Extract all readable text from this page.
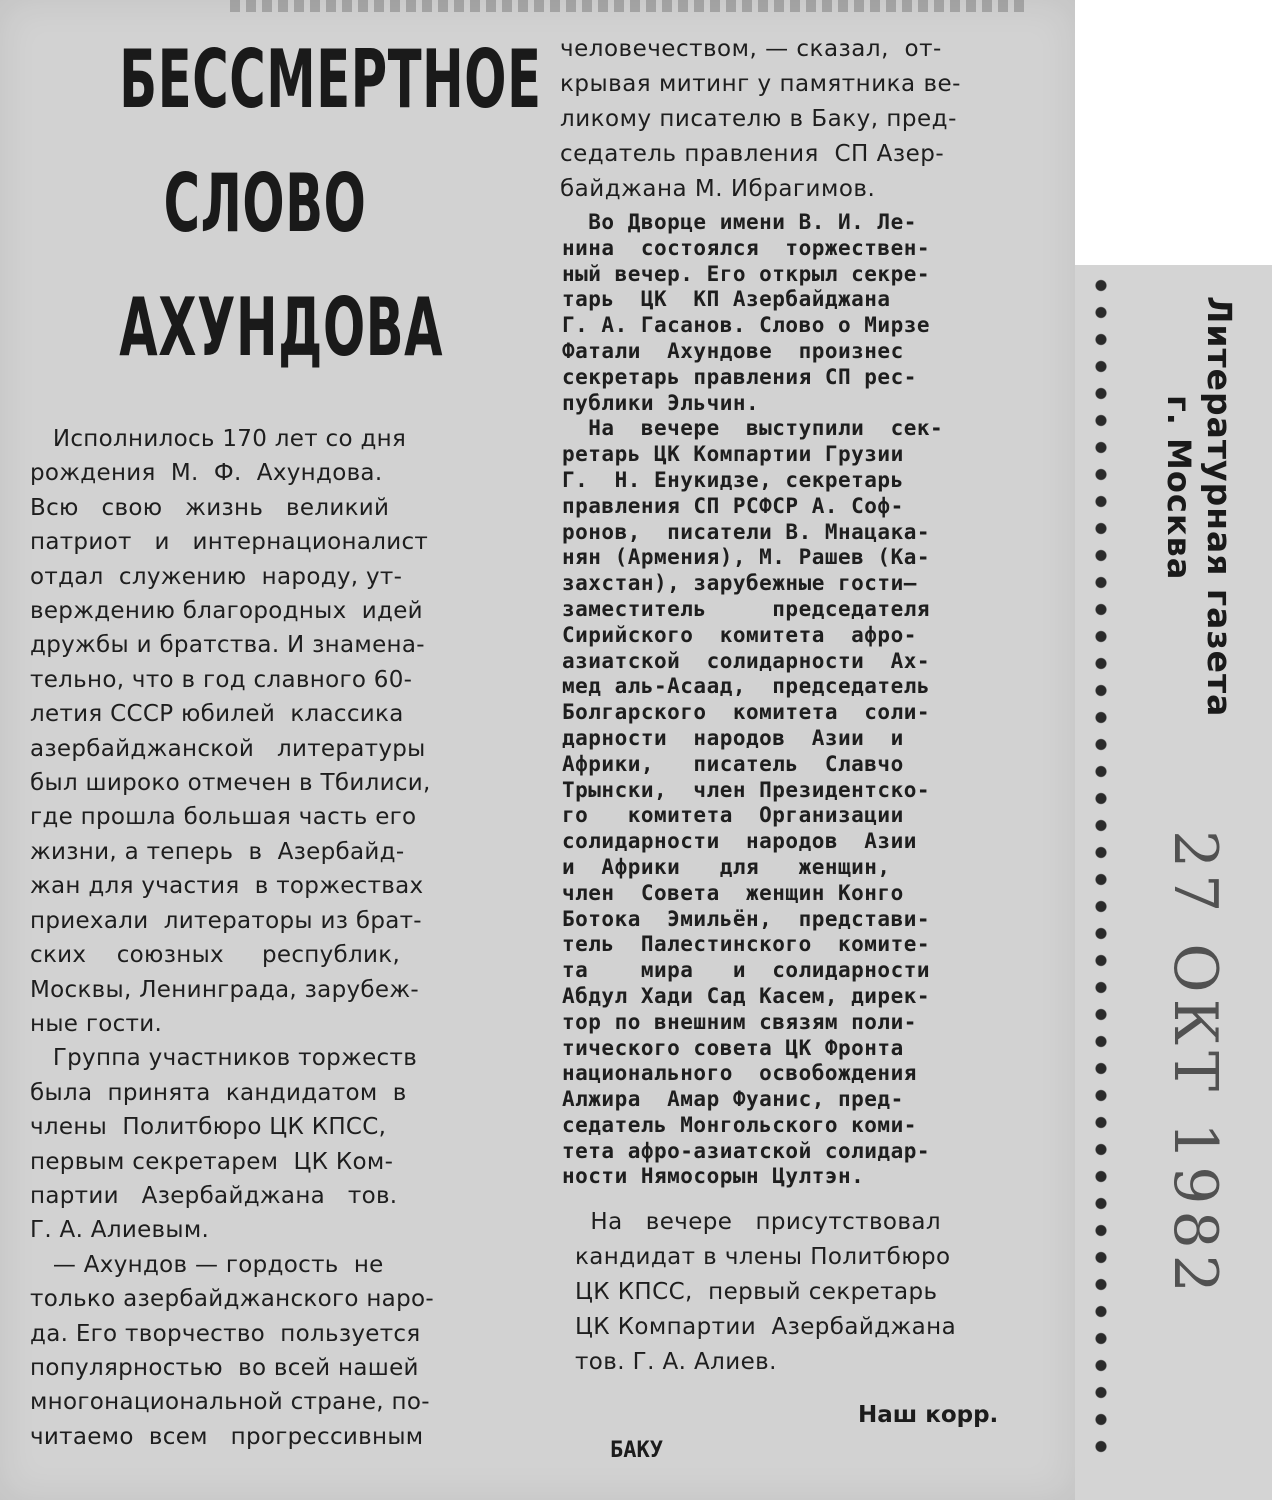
БЕССМЕРТНОЕ
СЛОВО
АХУНДОВА
Исполнилось 170 лет со дня
рождения  М.  Ф.  Ахундова.
Всю   свою   жизнь   великий
патриот   и   интернационалист
отдал  служению  народу, ут-
верждению благородных  идей
дружбы и братства. И знамена-
тельно, что в год славного 60-
летия СССР юбилей  классика
азербайджанской   литературы
был широко отмечен в Тбилиси,
где прошла большая часть его
жизни, а теперь  в  Азербайд-
жан для участия  в торжествах
приехали  литераторы из брат-
ских    союзных     республик,
Москвы, Ленинграда, зарубеж-
ные гости.
Группа участников торжеств
была  принята  кандидатом  в
члены  Политбюро ЦК КПСС,
первым секретарем  ЦК Ком-
партии   Азербайджана   тов.
Г. А. Алиевым.
— Ахундов — гордость  не
только азербайджанского наро-
да. Его творчество  пользуется
популярностью  во всей нашей
многонациональной стране, по-
читаемо  всем   прогрессивным
человечеством, — сказал,  от-
крывая митинг у памятника ве-
ликому писателю в Баку, пред-
седатель правления  СП Азер-
байджана М. Ибрагимов.
Во Дворце имени В. И. Ле-
нина  состоялся  торжествен-
ный вечер. Его открыл секре-
тарь  ЦК  КП Азербайджана
Г. А. Гасанов. Слово о Мирзе
Фатали  Ахундове  произнес
секретарь правления СП рес-
публики Эльчин.
На  вечере  выступили  сек-
ретарь ЦК Компартии Грузии
Г.  Н. Енукидзе, секретарь
правления СП РСФСР А. Соф-
ронов,  писатели В. Мнацака-
нян (Армения), М. Рашев (Ка-
захстан), зарубежные гости—
заместитель     председателя
Сирийского  комитета  афро-
азиатской  солидарности  Ах-
мед аль-Асаад,  председатель
Болгарского  комитета  соли-
дарности  народов  Азии  и
Африки,   писатель  Славчо
Трынски,  член Президентско-
го   комитета  Организации
солидарности  народов  Азии
и  Африки   для   женщин,
член  Совета  женщин Конго
Ботока  Эмильён,  представи-
тель  Палестинского  комите-
та    мира   и  солидарности
Абдул Хади Сад Касем, дирек-
тор по внешним связям поли-
тического совета ЦК Фронта
национального  освобождения
Алжира  Амар Фуанис, пред-
седатель Монгольского коми-
тета афро-азиатской солидар-
ности Нямосорын Цултэн.
На   вечере   присутствовал
кандидат в члены Политбюро
ЦК КПСС,  первый секретарь
ЦК Компартии  Азербайджана
тов. Г. А. Алиев.
Наш корр.
БАКУ
Литературная газета
г. Москва
27 ОКТ 1982
